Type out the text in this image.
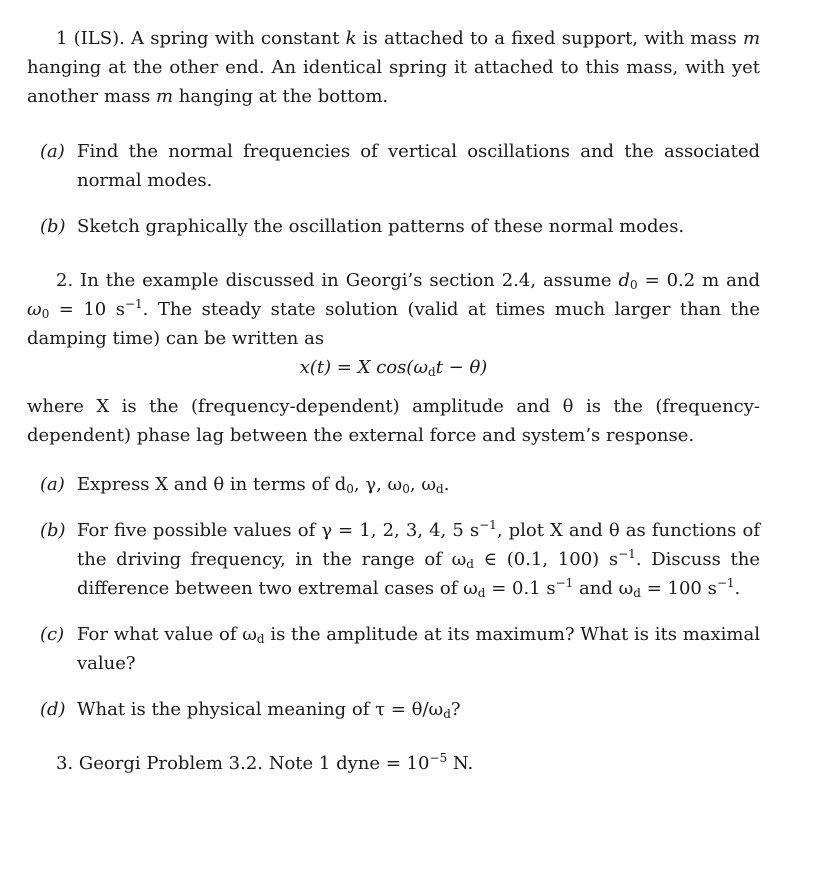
1 (ILS). A spring with constant k is attached to a fixed support, with mass m hanging at the other end. An identical spring it attached to this mass, with yet another mass m hanging at the bottom.

(a) Find the normal frequencies of vertical oscillations and the associated normal modes.
(b) Sketch graphically the oscillation patterns of these normal modes.

2. In the example discussed in Georgi’s section 2.4, assume $d_0 = 0.2$ m and $\omega_0 = 10$ $s^{-1}$. The steady state solution (valid at times much larger than the damping time) can be written as

x(t) = X $\cos(\omega_dt - \theta)$

where X is the (frequency-dependent) amplitude and θ is the (frequency-dependent) phase lag between the external force and system’s response.

(a) Express X and θ in terms of $d_0$, γ, $\omega_0$, $\omega_d$.
(b) For five possible values of γ = 1, 2, 3, 4, 5 $s^{-1}$, plot X and θ as functions of the driving frequency, in the range of $\omega_d$ ∈ (0.1, 100) $s^{-1}$. Discuss the difference between two extremal cases of $\omega_d = 0.1$ $s^{-1}$ and $\omega_d = 100$ $s^{-1}$.
(c) For what value of $\omega_d$ is the amplitude at its maximum? What is its maximal value?
(d) What is the physical meaning of $\tau = \theta/\omega_d$?

3. Georgi Problem 3.2. Note 1 dyne = $10^{-5}$ N.
